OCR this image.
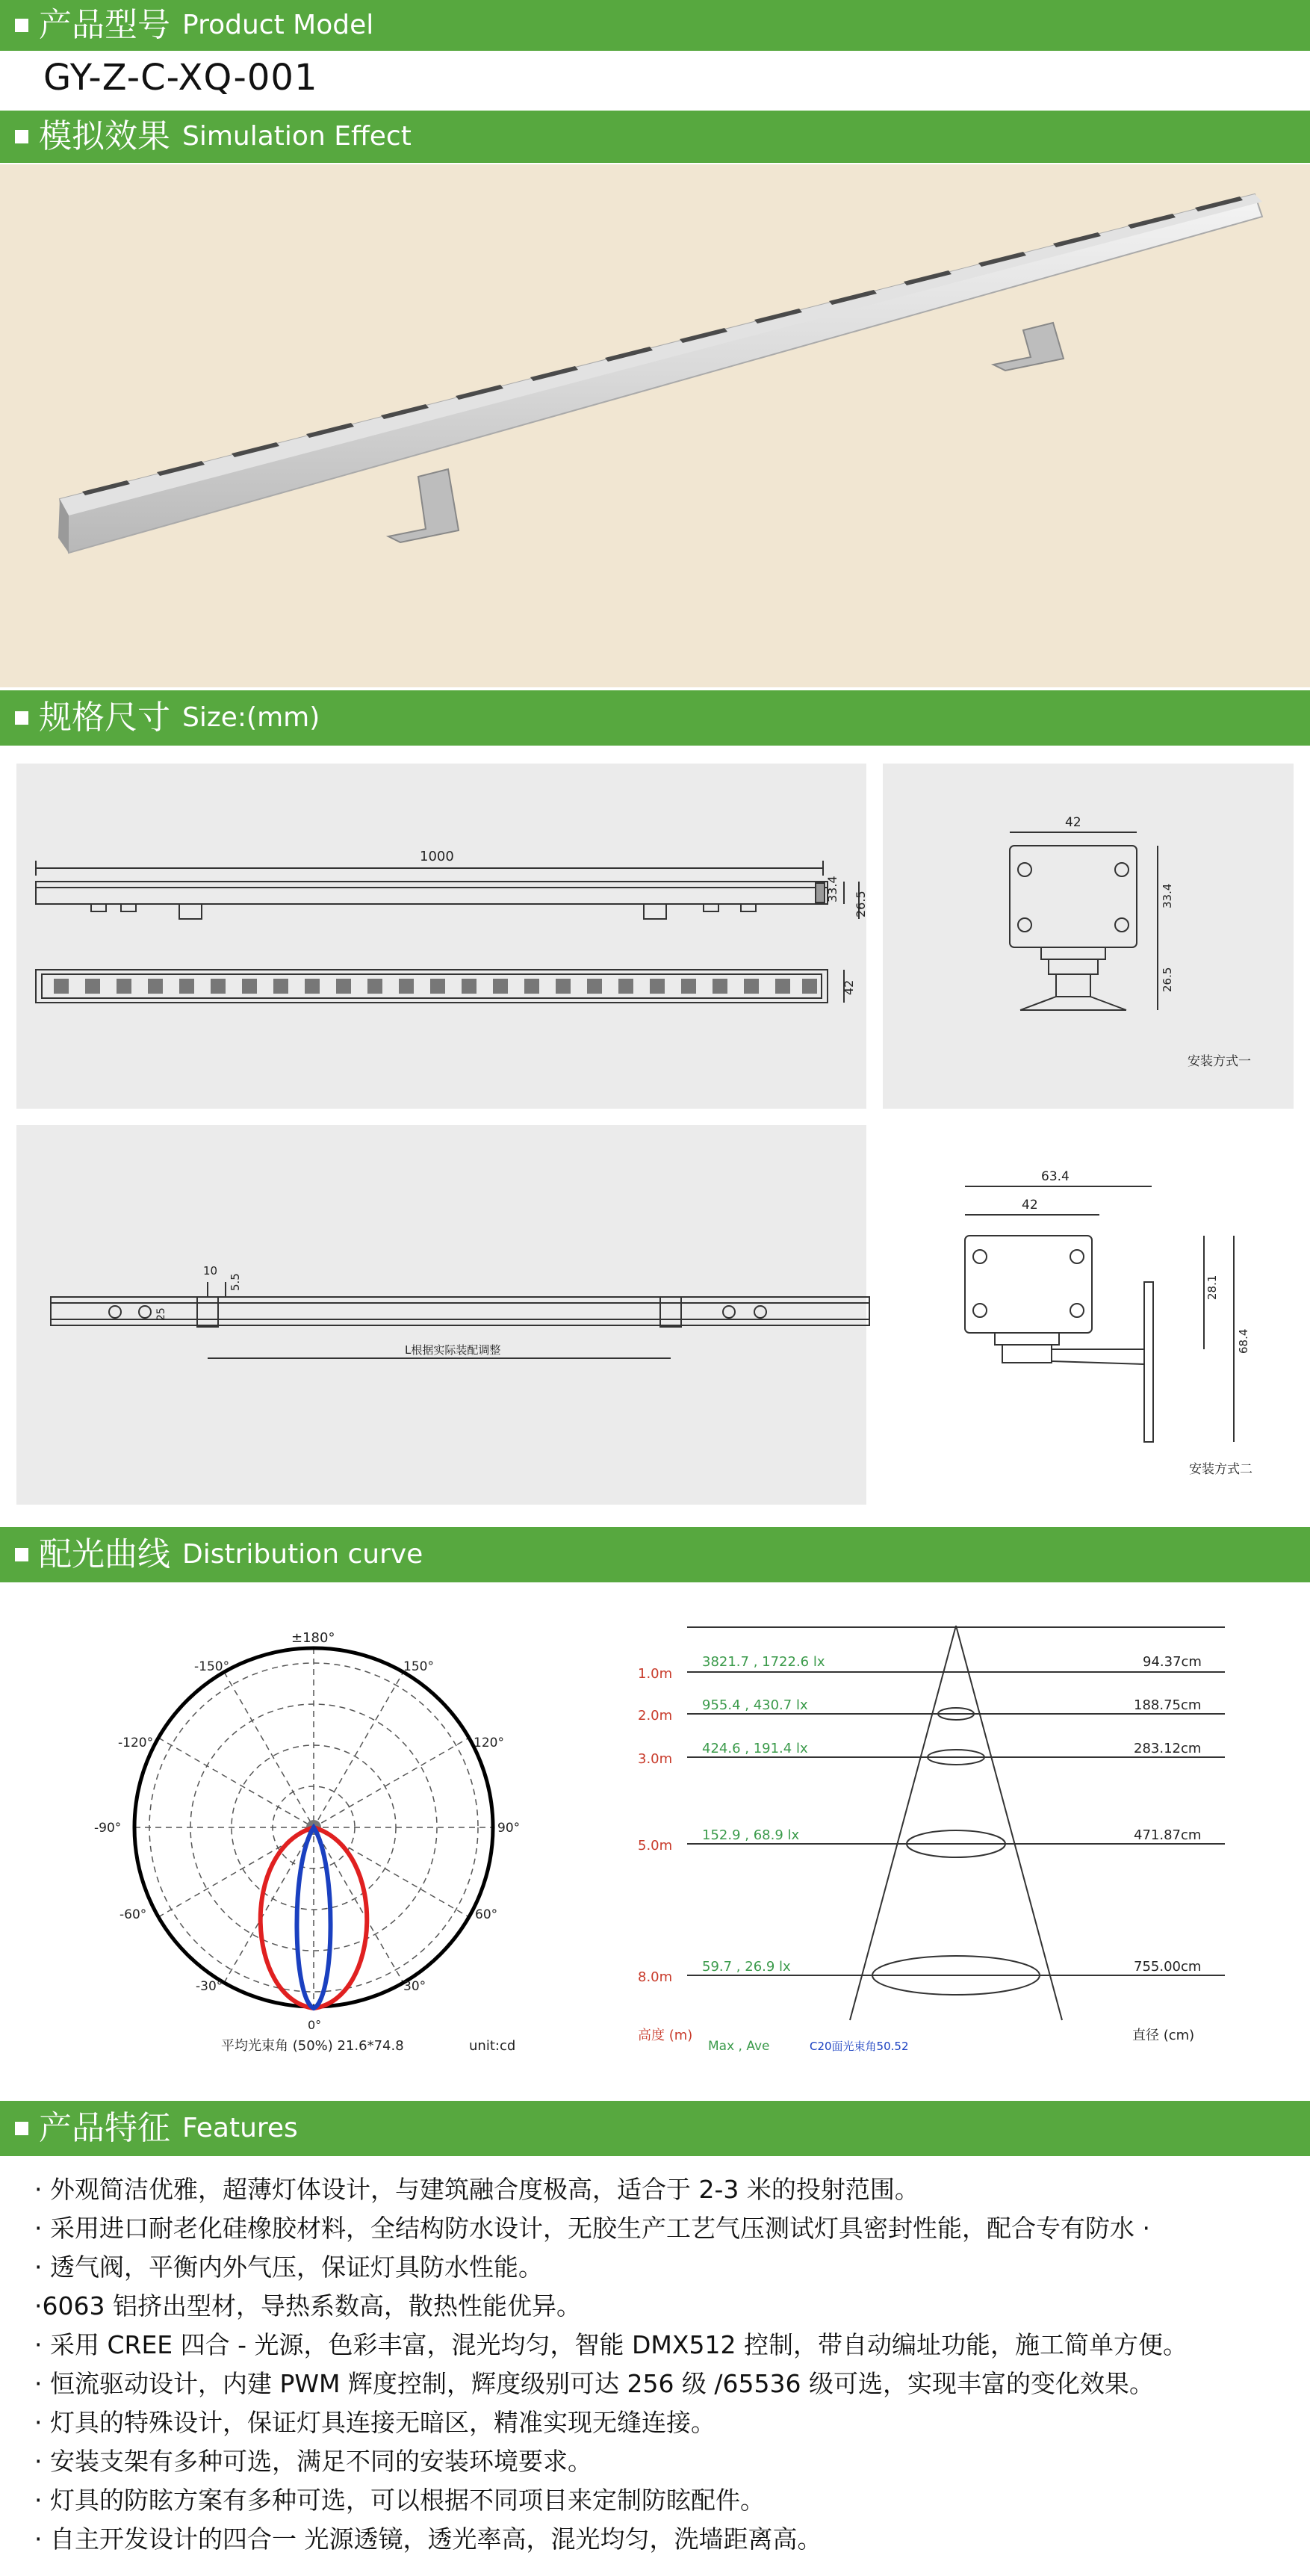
产品型号 Product Model
GY-Z-C-XQ-001
模拟效果 Simulation Effect
规格尺寸 Size:(mm)
1000
33.4
26.5
42
42
33.4
26.5
安装方式一
10
5.5
25
L根据实际装配调整
63.4
42
28.1
68.4
安装方式二
配光曲线 Distribution curve
±180°
-150°	150°
-120°	120°
-90°	90°
-60°	60°
-30°	30°
0°
平均光束角 (50%) 21.6*74.8	unit:cd
3821.7 , 1722.6 lx
955.4 , 430.7 lx
424.6 , 191.4 lx
152.9 , 68.9 lx
59.7 , 26.9 lx
94.37cm
188.75cm
283.12cm
471.87cm
755.00cm
1.0m
2.0m
3.0m
5.0m
8.0m
高度 (m)
Max , Ave	C20面光束角50.52
直径 (cm)
产品特征 Features
· 外观简洁优雅，超薄灯体设计，与建筑融合度极高，适合于 2-3 米的投射范围。
· 采用进口耐老化硅橡胶材料，全结构防水设计，无胶生产工艺气压测试灯具密封性能，配合专有防水 ·
· 透气阀，平衡内外气压，保证灯具防水性能。
·6063 铝挤出型材，导热系数高，散热性能优异。
· 采用 CREE 四合 - 光源，色彩丰富，混光均匀，智能 DMX512 控制，带自动编址功能，施工简单方便。
· 恒流驱动设计，内建 PWM 辉度控制，辉度级别可达 256 级 /65536 级可选，实现丰富的变化效果。
· 灯具的特殊设计，保证灯具连接无暗区，精准实现无缝连接。
· 安装支架有多种可选，满足不同的安装环境要求。
· 灯具的防眩方案有多种可选，可以根据不同项目来定制防眩配件。
· 自主开发设计的四合一 光源透镜，透光率高，混光均匀，洗墙距离高。
